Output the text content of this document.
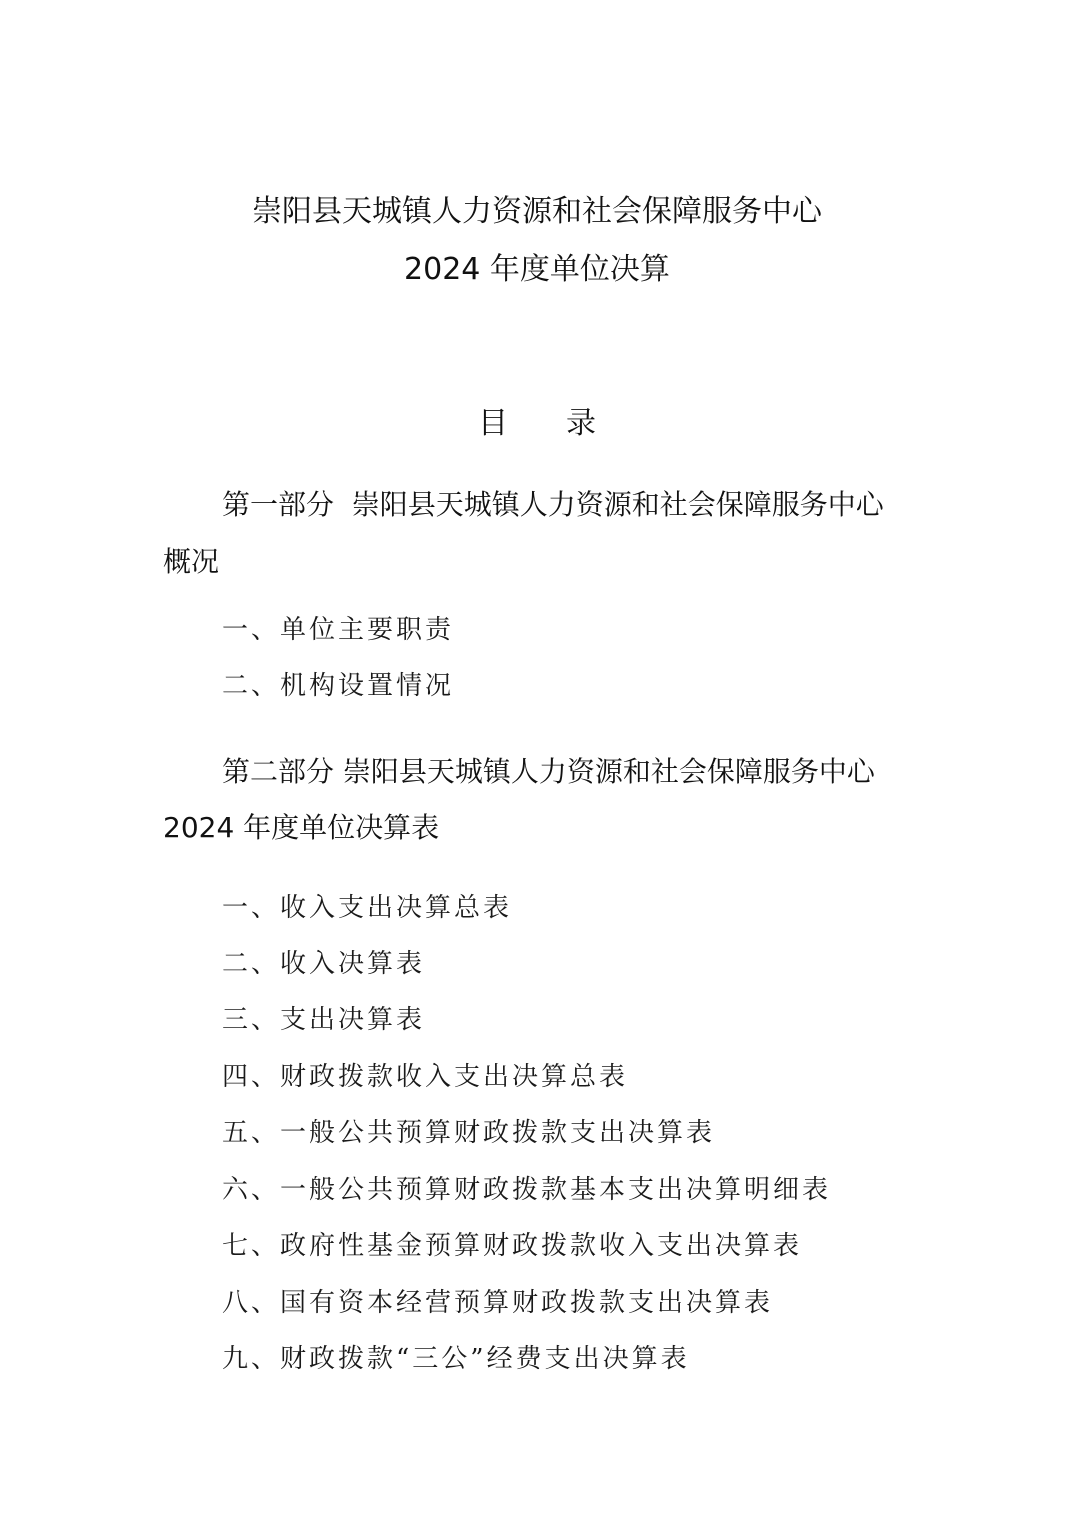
崇阳县天城镇人力资源和社会保障服务中心
2024 年度单位决算
目 录
第一部分  崇阳县天城镇人力资源和社会保障服务中心
概况
一、单位主要职责
二、机构设置情况
第二部分 崇阳县天城镇人力资源和社会保障服务中心
2024 年度单位决算表
一、收入支出决算总表
二、收入决算表
三、支出决算表
四、财政拨款收入支出决算总表
五、一般公共预算财政拨款支出决算表
六、一般公共预算财政拨款基本支出决算明细表
七、政府性基金预算财政拨款收入支出决算表
八、国有资本经营预算财政拨款支出决算表
九、财政拨款“三公”经费支出决算表
